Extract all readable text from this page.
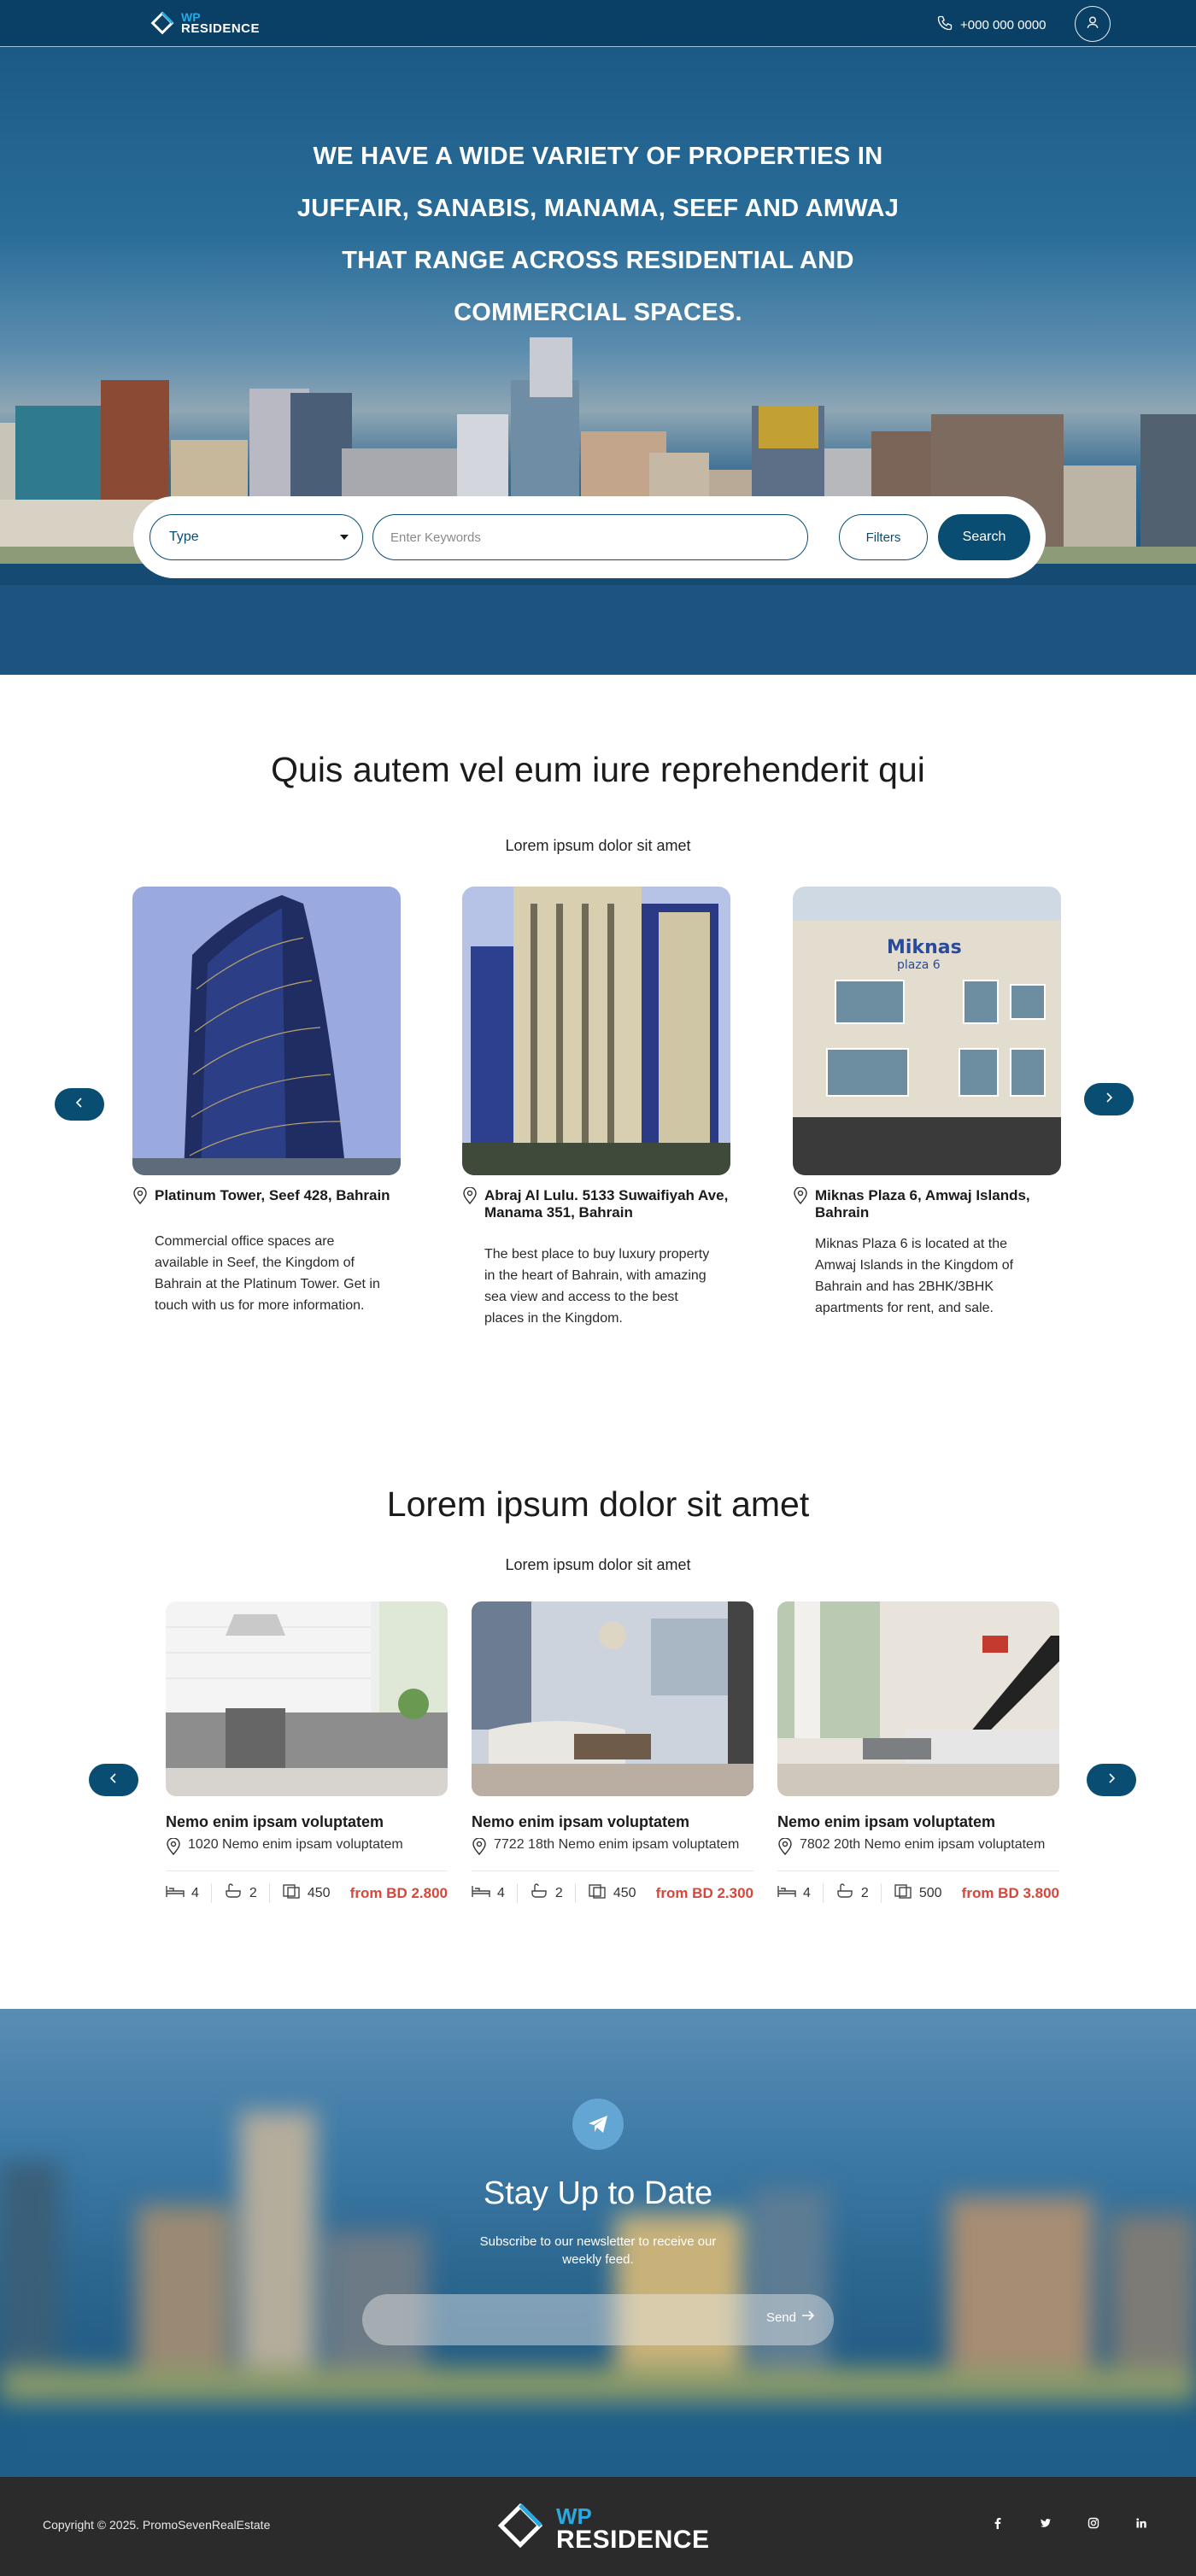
WP
RESIDENCE	+000 000 0000
WE HAVE A WIDE VARIETY OF PROPERTIES IN
JUFFAIR, SANABIS, MANAMA, SEEF AND AMWAJ
THAT RANGE ACROSS RESIDENTIAL AND
COMMERCIAL SPACES.
Type
Enter Keywords	Filters	Search
Quis autem vel eum iure reprehenderit qui
Lorem ipsum dolor sit amet
Platinum Tower, Seef 428, Bahrain
Commercial office spaces are available in Seef, the Kingdom of Bahrain at the Platinum Tower. Get in touch with us for more information.
Abraj Al Lulu. 5133 Suwaifiyah Ave, Manama 351, Bahrain
The best place to buy luxury property in the heart of Bahrain, with amazing sea view and access to the best places in the Kingdom.
Miknas
plaza 6
Miknas Plaza 6, Amwaj Islands, Bahrain
Miknas Plaza 6 is located at the Amwaj Islands in the Kingdom of Bahrain and has 2BHK/3BHK apartments for rent, and sale.
Lorem ipsum dolor sit amet
Lorem ipsum dolor sit amet
Nemo enim ipsam voluptatem
1020 Nemo enim ipsam voluptatem
4	2	450 from BD 2.800
Nemo enim ipsam voluptatem
7722 18th Nemo enim ipsam voluptatem
4	2	450 from BD 2.300
Nemo enim ipsam voluptatem
7802 20th Nemo enim ipsam voluptatem
4	2	500 from BD 3.800
Stay Up to Date
Subscribe to our newsletter to receive our weekly feed.
Send
Copyright © 2025. PromoSevenRealEstate	WP
RESIDENCE
